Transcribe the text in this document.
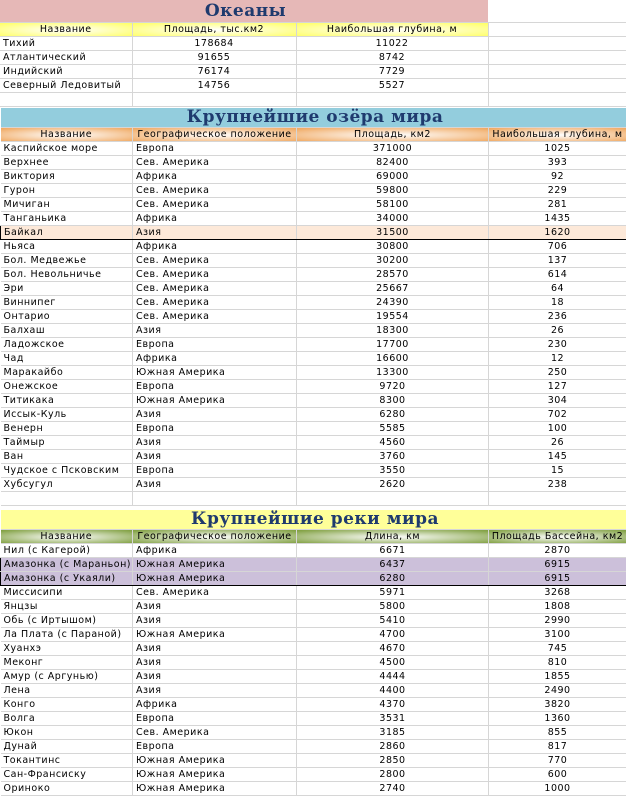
Океаны			
Название	Площадь, тыс.км2	Наибольшая глубина, м	
Тихий	178684	11022	
Атлантический	91655	8742	
Индийский	76174	7729	
Северный Ледовитый	14756	5527	

Крупнейшие озёра мира			
Название	Географическое положение	Площадь, км2	Наибольшая глубина, м
Каспийское море	Европа	371000	1025
Верхнее	Сев. Америка	82400	393
Виктория	Африка	69000	92
Гурон	Сев. Америка	59800	229
Мичиган	Сев. Америка	58100	281
Танганьика	Африка	34000	1435
Байкал	Азия	31500	1620
Ньяса	Африка	30800	706
Бол. Медвежье	Сев. Америка	30200	137
Бол. Невольничье	Сев. Америка	28570	614
Эри	Сев. Америка	25667	64
Виннипег	Сев. Америка	24390	18
Онтарио	Сев. Америка	19554	236
Балхаш	Азия	18300	26
Ладожское	Европа	17700	230
Чад	Африка	16600	12
Маракайбо	Южная Америка	13300	250
Онежское	Европа	9720	127
Титикака	Южная Америка	8300	304
Иссык-Куль	Азия	6280	702
Венерн	Европа	5585	100
Таймыр	Азия	4560	26
Ван	Азия	3760	145
Чудское с Псковским	Европа	3550	15
Хубсугул	Азия	2620	238

Крупнейшие реки мира			
Название	Географическое положение	Длина, км	Площадь Бассейна, км2
Нил (с Кагерой)	Африка	6671	2870
Амазонка (с Мараньон)	Южная Америка	6437	6915
Амазонка (с Укаяли)	Южная Америка	6280	6915
Миссисипи	Сев. Америка	5971	3268
Янцзы	Азия	5800	1808
Обь (с Иртышом)	Азия	5410	2990
Ла Плата (с Параной)	Южная Америка	4700	3100
Хуанхэ	Азия	4670	745
Меконг	Азия	4500	810
Амур (с Аргунью)	Азия	4444	1855
Лена	Азия	4400	2490
Конго	Африка	4370	3820
Волга	Европа	3531	1360
Юкон	Сев. Америка	3185	855
Дунай	Европа	2860	817
Токантинс	Южная Америка	2850	770
Сан-Франсиску	Южная Америка	2800	600
Ориноко	Южная Америка	2740	1000
